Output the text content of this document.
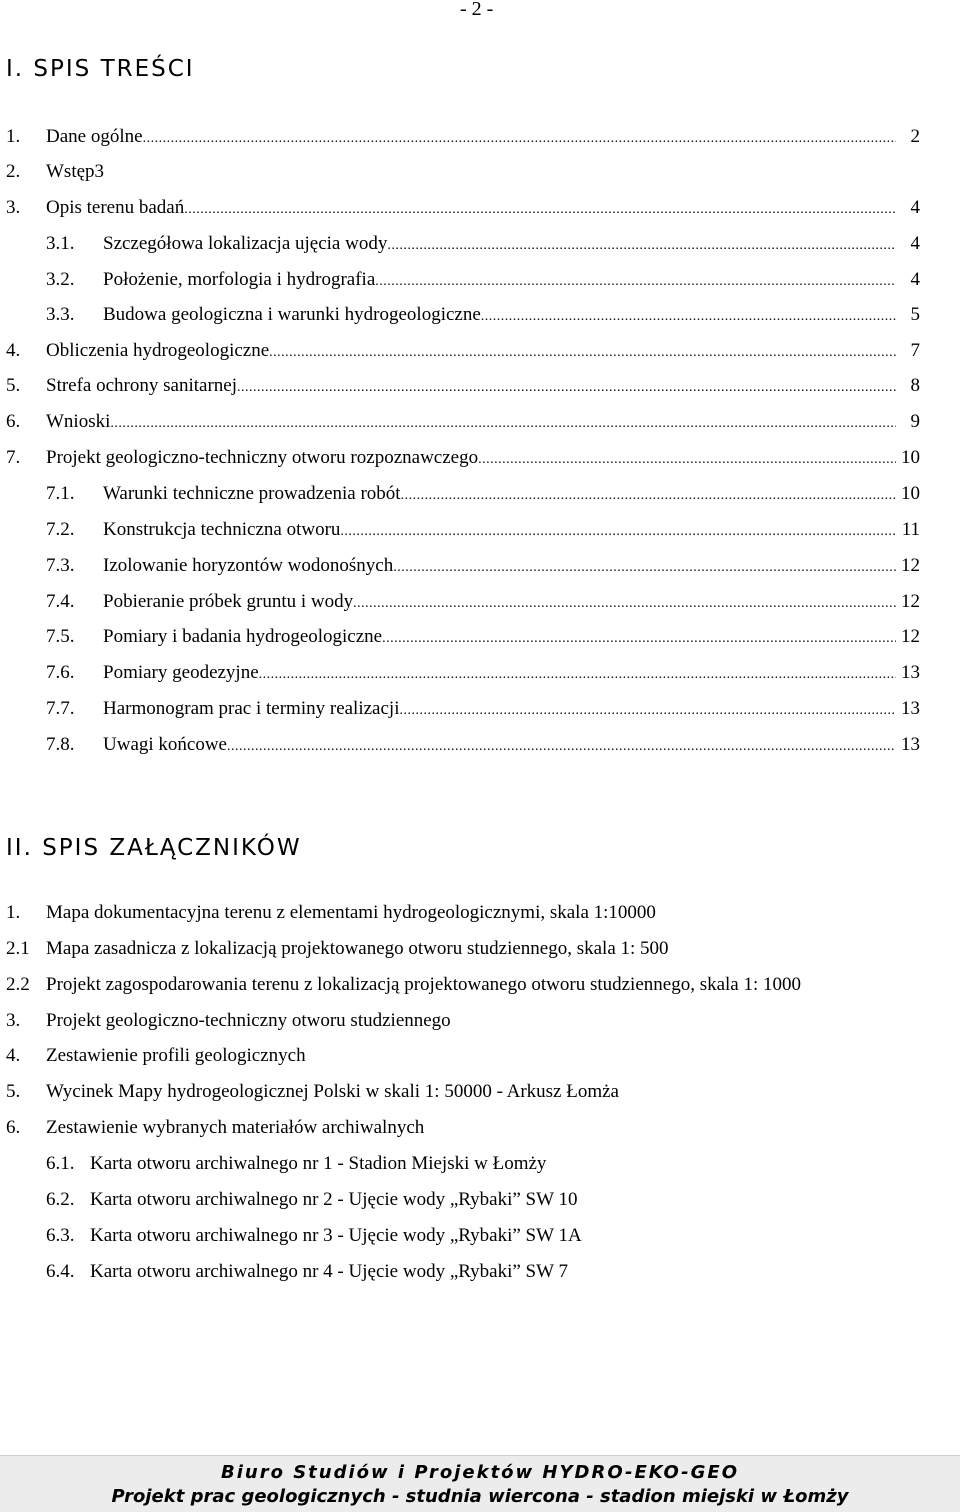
- 2 -
I. SPIS TREŚCI
1. Dane ogólne .....	2
2. Wstęp3
3. Opis terenu badań .....	4
3.1. Szczegółowa lokalizacja ujęcia wody .....	4
3.2. Położenie, morfologia i hydrografia .....	4
3.3. Budowa geologiczna i warunki hydrogeologiczne .....	5
4. Obliczenia hydrogeologiczne .....	7
5. Strefa ochrony sanitarnej .....	8
6. Wnioski .....	9
7. Projekt geologiczno-techniczny otworu rozpoznawczego .....	10
7.1. Warunki techniczne prowadzenia robót .....	10
7.2. Konstrukcja techniczna otworu .....	11
7.3. Izolowanie horyzontów wodonośnych .....	12
7.4. Pobieranie próbek gruntu i wody .....	12
7.5. Pomiary i badania hydrogeologiczne .....	12
7.6. Pomiary geodezyjne .....	13
7.7. Harmonogram prac i terminy realizacji .....	13
7.8. Uwagi końcowe .....	13
II. SPIS ZAŁĄCZNIKÓW
1. Mapa dokumentacyjna terenu z elementami hydrogeologicznymi, skala 1:10000
2.1 Mapa zasadnicza z lokalizacją projektowanego otworu studziennego, skala 1: 500
2.2 Projekt zagospodarowania terenu z lokalizacją projektowanego otworu studziennego, skala 1: 1000
3. Projekt geologiczno-techniczny otworu studziennego
4. Zestawienie profili geologicznych
5. Wycinek Mapy hydrogeologicznej Polski w skali 1: 50000 - Arkusz Łomża
6. Zestawienie wybranych materiałów archiwalnych
6.1. Karta otworu archiwalnego nr 1 - Stadion Miejski w Łomży
6.2. Karta otworu archiwalnego nr 2 - Ujęcie wody „Rybaki” SW 10
6.3. Karta otworu archiwalnego nr 3 - Ujęcie wody „Rybaki” SW 1A
6.4. Karta otworu archiwalnego nr 4 - Ujęcie wody „Rybaki” SW 7
Biuro Studiów i Projektów HYDRO-EKO-GEO
Projekt prac geologicznych - studnia wiercona - stadion miejski w Łomży
